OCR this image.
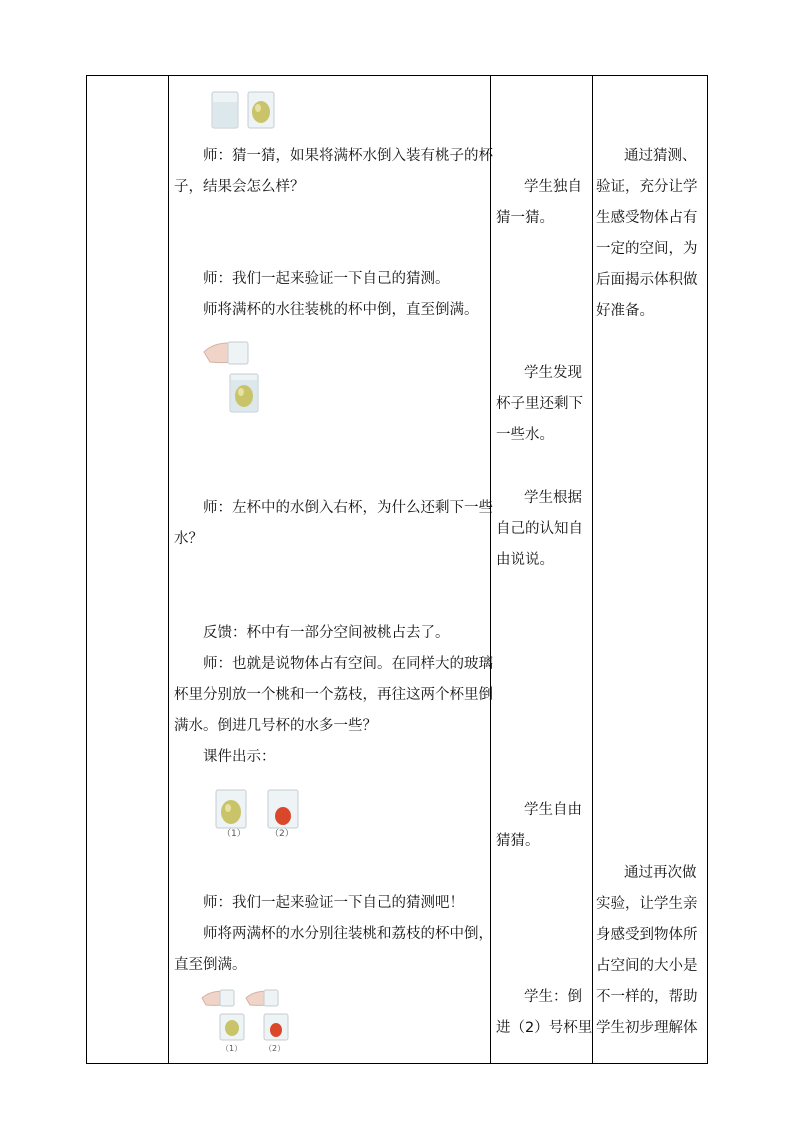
（1）	（2）
（1）	（2）

师：猜一猜，如果将满杯水倒入装有桃子的杯

子，结果会怎么样？

师：我们一起来验证一下自己的猜测。

师将满杯的水往装桃的杯中倒，直至倒满。

师：左杯中的水倒入右杯，为什么还剩下一些

水？

反馈：杯中有一部分空间被桃占去了。

师：也就是说物体占有空间。在同样大的玻璃

杯里分别放一个桃和一个荔枝，再往这两个杯里倒

满水。倒进几号杯的水多一些？

课件出示：

师：我们一起来验证一下自己的猜测吧！

师将两满杯的水分别往装桃和荔枝的杯中倒，

直至倒满。

学生独自

猜一猜。

学生发现

杯子里还剩下

一些水。

学生根据

自己的认知自

由说说。

学生自由

猜猜。

学生：倒

进（2）号杯里

通过猜测、

验证，充分让学

生感受物体占有

一定的空间，为

后面揭示体积做

好准备。

通过再次做

实验，让学生亲

身感受到物体所

占空间的大小是

不一样的，帮助

学生初步理解体
